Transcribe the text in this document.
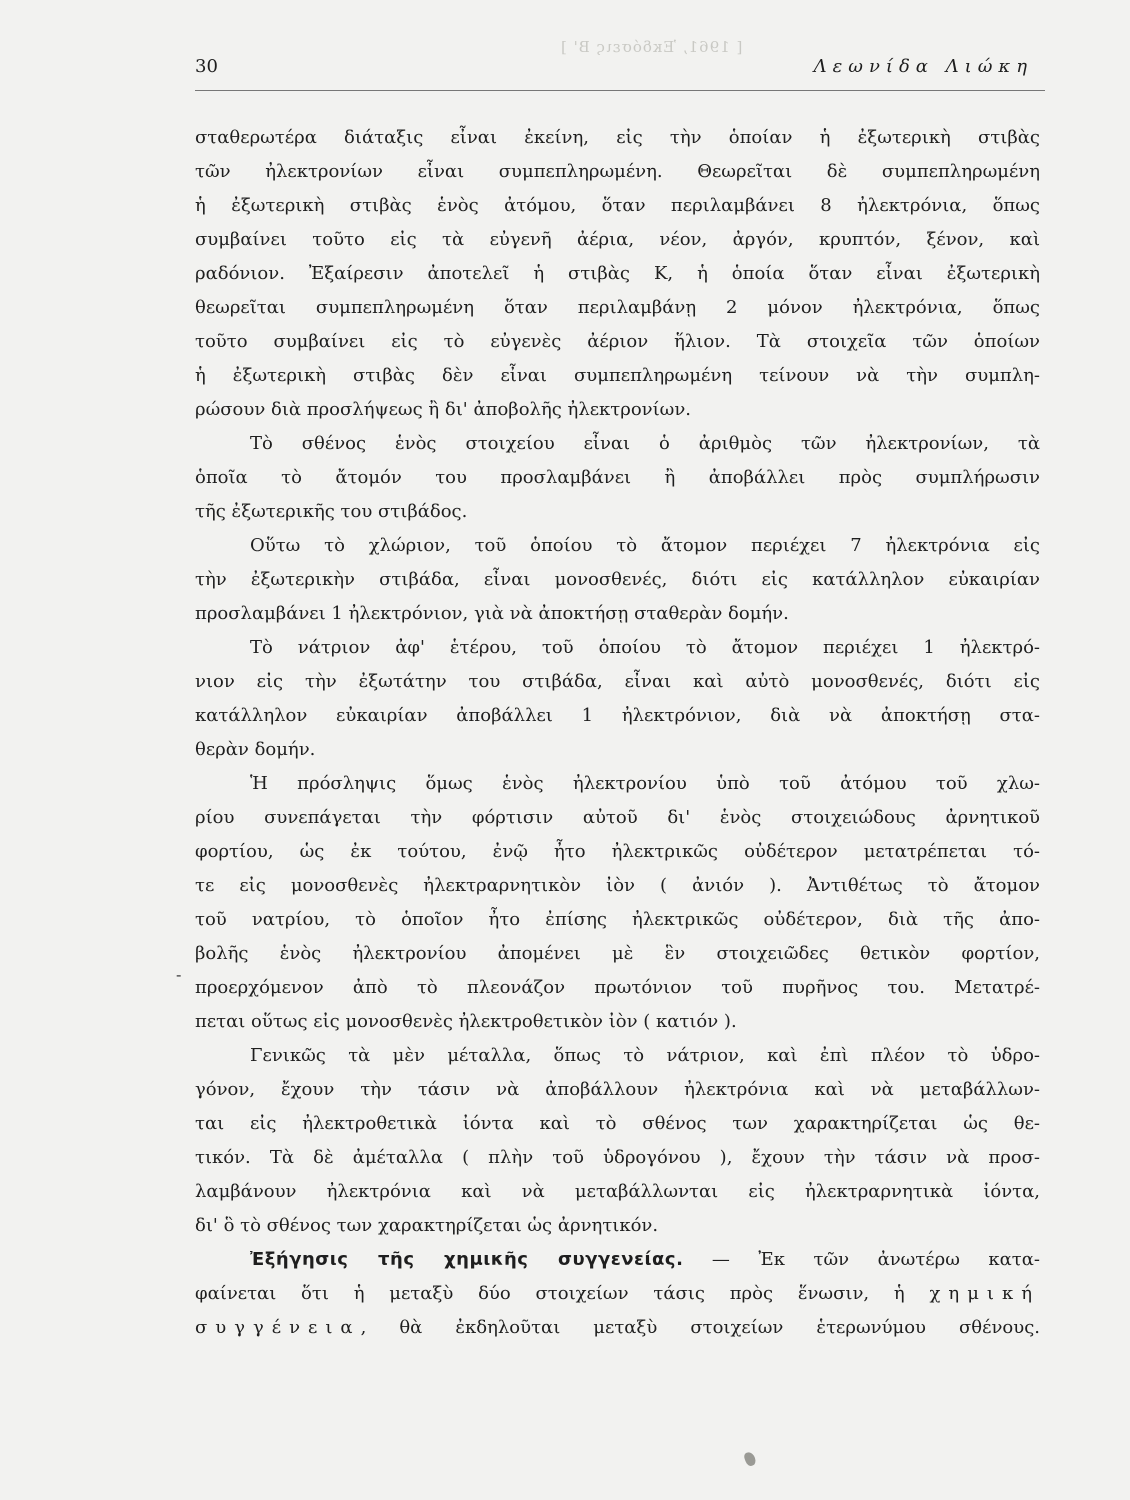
[ 1961, Ἐκδόσεις Β' ]
30	Λεωνίδα Λιώκη
σταθερωτέρα διάταξις εἶναι ἐκείνη, εἰς τὴν ὁποίαν ἡ ἐξωτερικὴ στιβὰς
τῶν ἠλεκτρονίων εἶναι συμπεπληρωμένη. Θεωρεῖται δὲ συμπεπληρωμένη
ἡ ἐξωτερικὴ στιβὰς ἑνὸς ἀτόμου, ὅταν περιλαμβάνει 8 ἠλεκτρόνια, ὅπως
συμβαίνει τοῦτο εἰς τὰ εὐγενῆ ἀέρια, νέον, ἀργόν, κρυπτόν, ξένον, καὶ
ραδόνιον. Ἐξαίρεσιν ἀποτελεῖ ἡ στιβὰς Κ, ἡ ὁποία ὅταν εἶναι ἐξωτερικὴ
θεωρεῖται συμπεπληρωμένη ὅταν περιλαμβάνῃ 2 μόνον ἠλεκτρόνια, ὅπως
τοῦτο συμβαίνει εἰς τὸ εὐγενὲς ἀέριον ἥλιον. Τὰ στοιχεῖα τῶν ὁποίων
ἡ ἐξωτερικὴ στιβὰς δὲν εἶναι συμπεπληρωμένη τείνουν νὰ τὴν συμπλη-
ρώσουν διὰ προσλήψεως ἢ δι' ἀποβολῆς ἠλεκτρονίων.
Τὸ σθένος ἑνὸς στοιχείου εἶναι ὁ ἀριθμὸς τῶν ἠλεκτρονίων, τὰ
ὁποῖα τὸ ἄτομόν του προσλαμβάνει ἢ ἀποβάλλει πρὸς συμπλήρωσιν
τῆς ἐξωτερικῆς του στιβάδος.
Οὕτω τὸ χλώριον, τοῦ ὁποίου τὸ ἄτομον περιέχει 7 ἠλεκτρόνια εἰς
τὴν ἐξωτερικὴν στιβάδα, εἶναι μονοσθενές, διότι εἰς κατάλληλον εὐκαιρίαν
προσλαμβάνει 1 ἠλεκτρόνιον, γιὰ νὰ ἀποκτήσῃ σταθερὰν δομήν.
Τὸ νάτριον ἀφ' ἑτέρου, τοῦ ὁποίου τὸ ἄτομον περιέχει 1 ἠλεκτρό-
νιον εἰς τὴν ἐξωτάτην του στιβάδα, εἶναι καὶ αὐτὸ μονοσθενές, διότι εἰς
κατάλληλον εὐκαιρίαν ἀποβάλλει 1 ἠλεκτρόνιον, διὰ νὰ ἀποκτήσῃ στα-
θερὰν δομήν.
Ἡ πρόσληψις ὅμως ἑνὸς ἠλεκτρονίου ὑπὸ τοῦ ἀτόμου τοῦ χλω-
ρίου συνεπάγεται τὴν φόρτισιν αὐτοῦ δι' ἑνὸς στοιχειώδους ἀρνητικοῦ
φορτίου, ὡς ἐκ τούτου, ἐνῷ ἦτο ἠλεκτρικῶς οὐδέτερον μετατρέπεται τό-
τε εἰς μονοσθενὲς ἠλεκτραρνητικὸν ἰὸν ( ἀνιόν ). Ἀντιθέτως τὸ ἄτομον
τοῦ νατρίου, τὸ ὁποῖον ἦτο ἐπίσης ἠλεκτρικῶς οὐδέτερον, διὰ τῆς ἀπο-
βολῆς ἑνὸς ἠλεκτρονίου ἀπομένει μὲ ἓν στοιχειῶδες θετικὸν φορτίον,
προερχόμενον ἀπὸ τὸ πλεονάζον πρωτόνιον τοῦ πυρῆνος του. Μετατρέ-
πεται οὕτως εἰς μονοσθενὲς ἠλεκτροθετικὸν ἰὸν ( κατιόν ).
Γενικῶς τὰ μὲν μέταλλα, ὅπως τὸ νάτριον, καὶ ἐπὶ πλέον τὸ ὑδρο-
γόνον, ἔχουν τὴν τάσιν νὰ ἀποβάλλουν ἠλεκτρόνια καὶ νὰ μεταβάλλων-
ται εἰς ἠλεκτροθετικὰ ἰόντα καὶ τὸ σθένος των χαρακτηρίζεται ὡς θε-
τικόν. Τὰ δὲ ἀμέταλλα ( πλὴν τοῦ ὑδρογόνου ), ἔχουν τὴν τάσιν νὰ προσ-
λαμβάνουν ἠλεκτρόνια καὶ νὰ μεταβάλλωνται εἰς ἠλεκτραρνητικὰ ἰόντα,
δι' ὃ τὸ σθένος των χαρακτηρίζεται ὡς ἀρνητικόν.
Ἐξήγησις τῆς χημικῆς συγγενείας. — Ἐκ τῶν ἀνωτέρω κατα-
φαίνεται ὅτι ἡ μεταξὺ δύο στοιχείων τάσις πρὸς ἕνωσιν, ἡ χημική
συγγένεια, θὰ ἐκδηλοῦται μεταξὺ στοιχείων ἑτερωνύμου σθένους.
-
